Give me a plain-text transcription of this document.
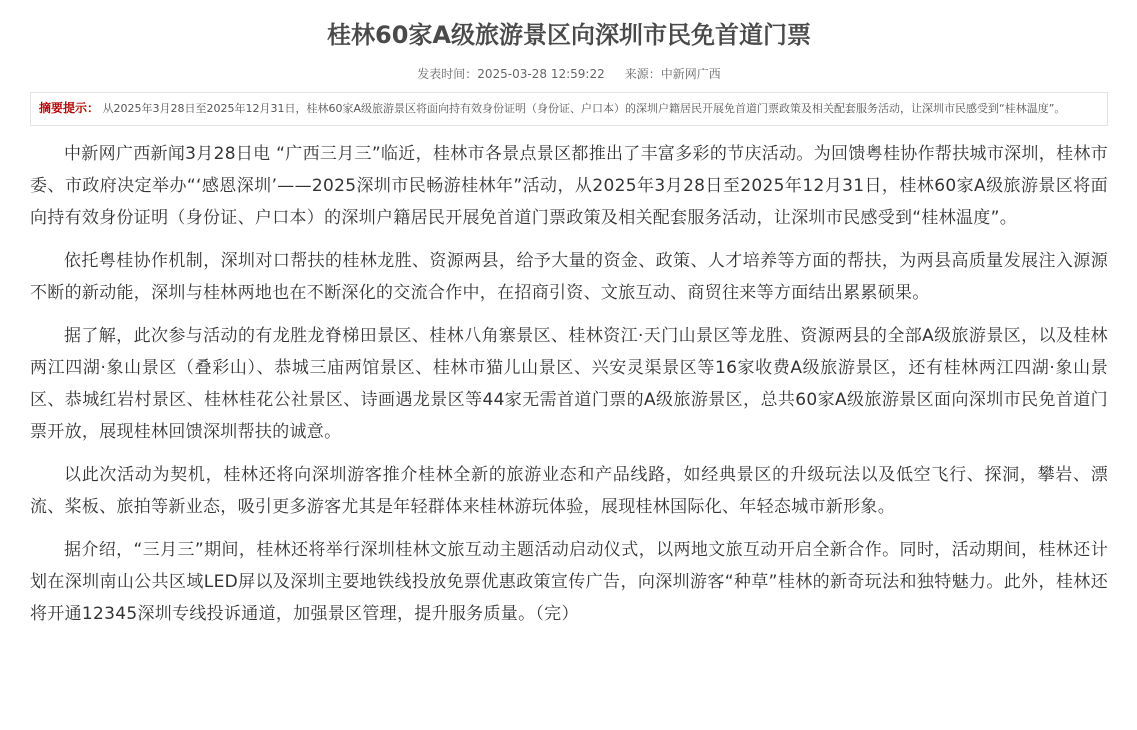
桂林60家A级旅游景区向深圳市民免首道门票
发表时间：2025-03-28 12:59:22 来源：中新网广西
摘要提示： 从2025年3月28日至2025年12月31日，桂林60家A级旅游景区将面向持有效身份证明（身份证、户口本）的深圳户籍居民开展免首道门票政策及相关配套服务活动，让深圳市民感受到“桂林温度”。

中新网广西新闻3月28日电 “广西三月三”临近，桂林市各景点景区都推出了丰富多彩的节庆活动。为回馈粤桂协作帮扶城市深圳，桂林市委、市政府决定举办“‘感恩深圳’——2025深圳市民畅游桂林年”活动，从2025年3月28日至2025年12月31日，桂林60家A级旅游景区将面向持有效身份证明（身份证、户口本）的深圳户籍居民开展免首道门票政策及相关配套服务活动，让深圳市民感受到“桂林温度”。

依托粤桂协作机制，深圳对口帮扶的桂林龙胜、资源两县，给予大量的资金、政策、人才培养等方面的帮扶，为两县高质量发展注入源源不断的新动能，深圳与桂林两地也在不断深化的交流合作中，在招商引资、文旅互动、商贸往来等方面结出累累硕果。

据了解，此次参与活动的有龙胜龙脊梯田景区、桂林八角寨景区、桂林资江·天门山景区等龙胜、资源两县的全部A级旅游景区，以及桂林两江四湖·象山景区（叠彩山）、恭城三庙两馆景区、桂林市猫儿山景区、兴安灵渠景区等16家收费A级旅游景区，还有桂林两江四湖·象山景区、恭城红岩村景区、桂林桂花公社景区、诗画遇龙景区等44家无需首道门票的A级旅游景区，总共60家A级旅游景区面向深圳市民免首道门票开放，展现桂林回馈深圳帮扶的诚意。

以此次活动为契机，桂林还将向深圳游客推介桂林全新的旅游业态和产品线路，如经典景区的升级玩法以及低空飞行、探洞，攀岩、漂流、桨板、旅拍等新业态，吸引更多游客尤其是年轻群体来桂林游玩体验，展现桂林国际化、年轻态城市新形象。

据介绍，“三月三”期间，桂林还将举行深圳桂林文旅互动主题活动启动仪式，以两地文旅互动开启全新合作。同时，活动期间，桂林还计划在深圳南山公共区域LED屏以及深圳主要地铁线投放免票优惠政策宣传广告，向深圳游客“种草”桂林的新奇玩法和独特魅力。此外，桂林还将开通12345深圳专线投诉通道，加强景区管理，提升服务质量。（完）
